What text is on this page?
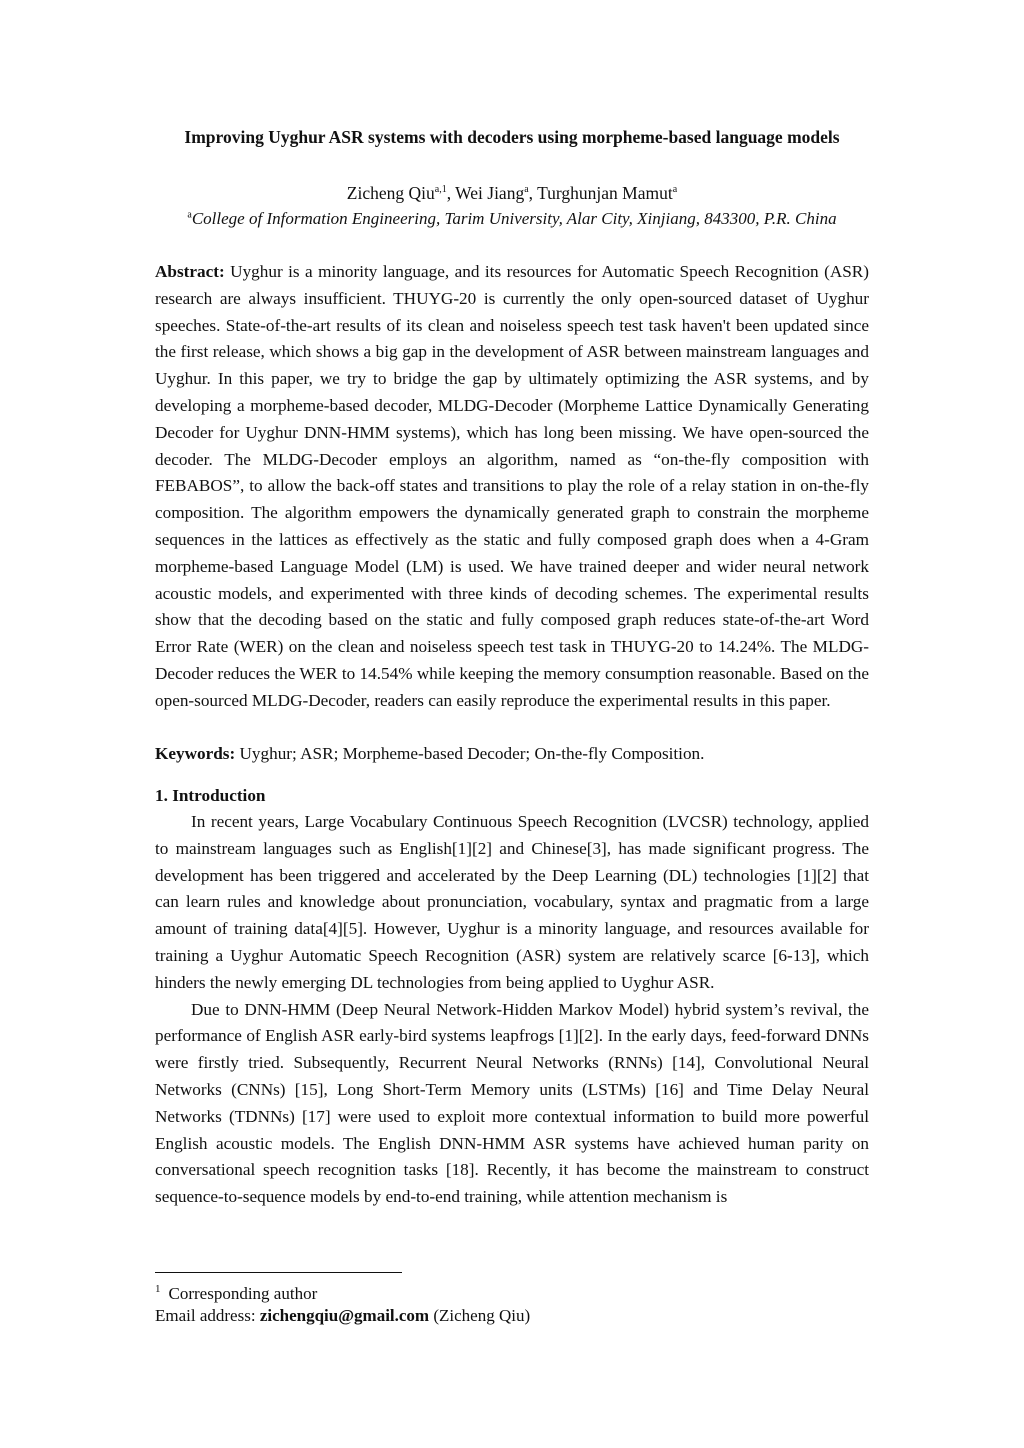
Improving Uyghur ASR systems with decoders using morpheme-based language models
Zicheng Qiu$^{a,1}$, Wei Jiang$^a$, Turghunjan Mamut$^a$
$^a$College of Information Engineering, Tarim University, Alar City, Xinjiang, 843300, P.R. China

Abstract: Uyghur is a minority language, and its resources for Automatic Speech Recognition (ASR) research are always insufficient. THUYG-20 is currently the only open-sourced dataset of Uyghur speeches. State-of-the-art results of its clean and noiseless speech test task haven't been updated since the first release, which shows a big gap in the development of ASR between mainstream languages and Uyghur. In this paper, we try to bridge the gap by ultimately optimizing the ASR systems, and by developing a morpheme-based decoder, MLDG-Decoder (Morpheme Lattice Dynamically Generating Decoder for Uyghur DNN-HMM systems), which has long been missing. We have open-sourced the decoder. The MLDG-Decoder employs an algorithm, named as “on-the-fly composition with FEBABOS”, to allow the back-off states and transitions to play the role of a relay station in on-the-fly composition. The algorithm empowers the dynamically generated graph to constrain the morpheme sequences in the lattices as effectively as the static and fully composed graph does when a 4-Gram morpheme-based Language Model (LM) is used. We have trained deeper and wider neural network acoustic models, and experimented with three kinds of decoding schemes. The experimental results show that the decoding based on the static and fully composed graph reduces state-of-the-art Word Error Rate (WER) on the clean and noiseless speech test task in THUYG-20 to 14.24%. The MLDG-Decoder reduces the WER to 14.54% while keeping the memory consumption reasonable. Based on the open-sourced MLDG-Decoder, readers can easily reproduce the experimental results in this paper.

Keywords: Uyghur; ASR; Morpheme-based Decoder; On-the-fly Composition.
1. Introduction

In recent years, Large Vocabulary Continuous Speech Recognition (LVCSR) technology, applied to mainstream languages such as English[1][2] and Chinese[3], has made significant progress. The development has been triggered and accelerated by the Deep Learning (DL) technologies [1][2] that can learn rules and knowledge about pronunciation, vocabulary, syntax and pragmatic from a large amount of training data[4][5]. However, Uyghur is a minority language, and resources available for training a Uyghur Automatic Speech Recognition (ASR) system are relatively scarce [6-13], which hinders the newly emerging DL technologies from being applied to Uyghur ASR.

Due to DNN-HMM (Deep Neural Network-Hidden Markov Model) hybrid system’s revival, the performance of English ASR early-bird systems leapfrogs [1][2]. In the early days, feed-forward DNNs were firstly tried. Subsequently, Recurrent Neural Networks (RNNs) [14], Convolutional Neural Networks (CNNs) [15], Long Short-Term Memory units (LSTMs) [16] and Time Delay Neural Networks (TDNNs) [17] were used to exploit more contextual information to build more powerful English acoustic models. The English DNN-HMM ASR systems have achieved human parity on conversational speech recognition tasks [18]. Recently, it has become the mainstream to construct sequence-to-sequence models by end-to-end training, while attention mechanism is

$^1$ Corresponding author
Email address: zichengqiu@gmail.com (Zicheng Qiu)
